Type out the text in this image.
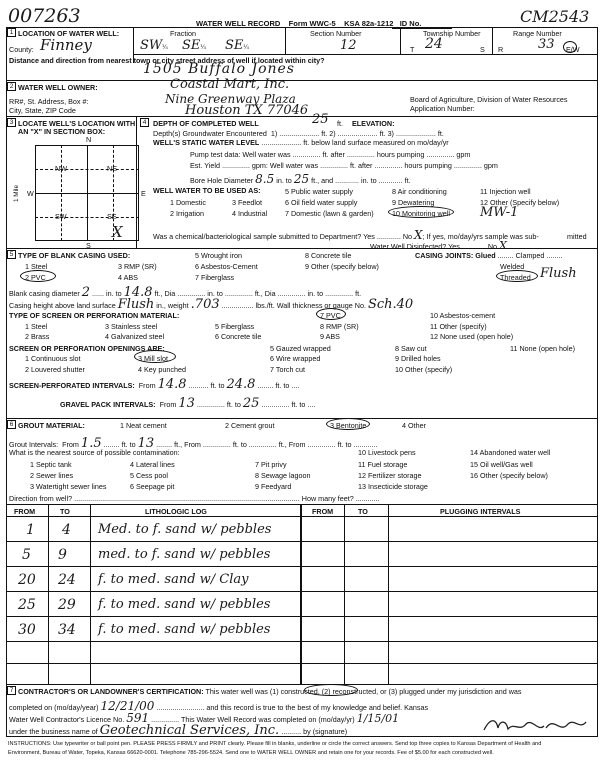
007263	WATER WELL RECORD Form WWC-5 KSA 82a-1212 ID No.	CM2543
1 LOCATION OF WATER WELL:
County: Finney
Fraction
SW¼ SE¼ SE¼
Section Number
12
Township Number
T 24	S
Range Number
R	33 E/W
Distance and direction from nearest town or city street address of well if located within city?
1505 Buffalo Jones
2 WATER WELL OWNER:	Coastal Mart, Inc.
RR#, St. Address, Box #:	Nine Greenway Plaza
City, State, ZIP Code	Houston TX 77046
Board of Agriculture, Division of Water Resources
Application Number:
3 LOCATE WELL'S LOCATION WITH
AN "X" IN SECTION BOX:
N
NW	NE
SW	SE
W	E
S
1 Mile
X
4 DEPTH OF COMPLETED WELL	25 ft. ELEVATION:
Depth(s) Groundwater Encountered 1) .................... ft. 2) .................... ft. 3) .................... ft.
WELL'S STATIC WATER LEVEL .................... ft. below land surface measured on mo/day/yr
Pump test data: Well water was .............. ft. after .............. hours pumping .............. gpm
Est. Yield .............. gpm: Well water was .............. ft. after .............. hours pumping .............. gpm
Bore Hole Diameter 8.5 in. to 25 ft., and ............ in. to ............ ft.
WELL WATER TO BE USED AS:
1 Domestic	3 Feedlot
5 Public water supply
6 Oil field water supply
7 Domestic (lawn & garden)
8 Air conditioning
9 Dewatering
10 Monitoring well
11 Injection well
12 Other (Specify below)
2 Irrigation	4 Industrial	MW-1
Was a chemical/bacteriological sample submitted to Department? Yes ............ No X; If yes, mo/day/yrs sample was sub-
Water Well Disinfected? Yes ............ No X
mitted
5 TYPE OF BLANK CASING USED:
1 Steel
2 PVC
3 RMP (SR)
4 ABS
5 Wrought iron
6 Asbestos-Cement
7 Fiberglass
8 Concrete tile
9 Other (specify below)
CASING JOINTS: Glued ........ Clamped ........
Welded
Threaded Flush
Blank casing diameter 2 ...... in. to 14.8 ft., Dia .............. in. to .............. ft., Dia .............. in. to .............. ft.
Casing height above land surface Flush in., weight .703 ................ lbs./ft. Wall thickness or gauge No. Sch.40
TYPE OF SCREEN OR PERFORATION MATERIAL:
1 Steel
2 Brass
3 Stainless steel
4 Galvanized steel
5 Fiberglass
6 Concrete tile
7 PVC
8 RMP (SR)
9 ABS
10 Asbestos-cement
11 Other (specify)
12 None used (open hole)
SCREEN OR PERFORATION OPENINGS ARE:
1 Continuous slot
2 Louvered shutter
3 Mill slot
4 Key punched
5 Gauzed wrapped
6 Wire wrapped
7 Torch cut
8 Saw cut
9 Drilled holes
10 Other (specify)
11 None (open hole)
SCREEN-PERFORATED INTERVALS: From 14.8 .......... ft. to 24.8 ........ ft. to ....
GRAVEL PACK INTERVALS: From 13 .............. ft. to 25 .............. ft. to ....
6 GROUT MATERIAL:	1 Neat cement	2 Cement grout	3 Bentonite	4 Other
Grout Intervals: From 1.5 ........ ft. to 13 ........ ft., From .............. ft. to .............. ft., From .............. ft. to ............
What is the nearest source of possible contamination:
1 Septic tank
2 Sewer lines
3 Watertight sewer lines
4 Lateral lines
5 Cess pool
6 Seepage pit
7 Pit privy
8 Sewage lagoon
9 Feedyard
10 Livestock pens
11 Fuel storage
12 Fertilizer storage
13 Insecticide storage
14 Abandoned water well
15 Oil well/Gas well
16 Other (specify below)
Direction from well? ................................................................................................................. How many feet? ............
FROM	TO	LITHOLOGIC LOG	FROM	TO	PLUGGING INTERVALS
1 4 Med. to f. sand w/ pebbles
5 9 med. to f. sand w/ pebbles
20 24 f. to med. sand w/ Clay
25 29 f. to med. sand w/ pebbles
30 34 f. to med. sand w/ pebbles
7 CONTRACTOR'S OR LANDOWNER'S CERTIFICATION: This water well was (1) constructed, (2) reconstructed, or (3) plugged under my jurisdiction and was
completed on (mo/day/year) 12/21/00 ........................ and this record is true to the best of my knowledge and belief. Kansas
Water Well Contractor's Licence No. 591 .............. This Water Well Record was completed on (mo/day/yr) 1/15/01
under the business name of Geotechnical Services, Inc. .......... by (signature)
INSTRUCTIONS: Use typewriter or ball point pen. PLEASE PRESS FIRMLY and PRINT clearly. Please fill in blanks, underline or circle the correct answers. Send top three copies to Kansas Department of Health and
Environment, Bureau of Water, Topeka, Kansas 66620-0001. Telephone 785-296-5524. Send one to WATER WELL OWNER and retain one for your records. Fee of $5.00 for each constructed well.
